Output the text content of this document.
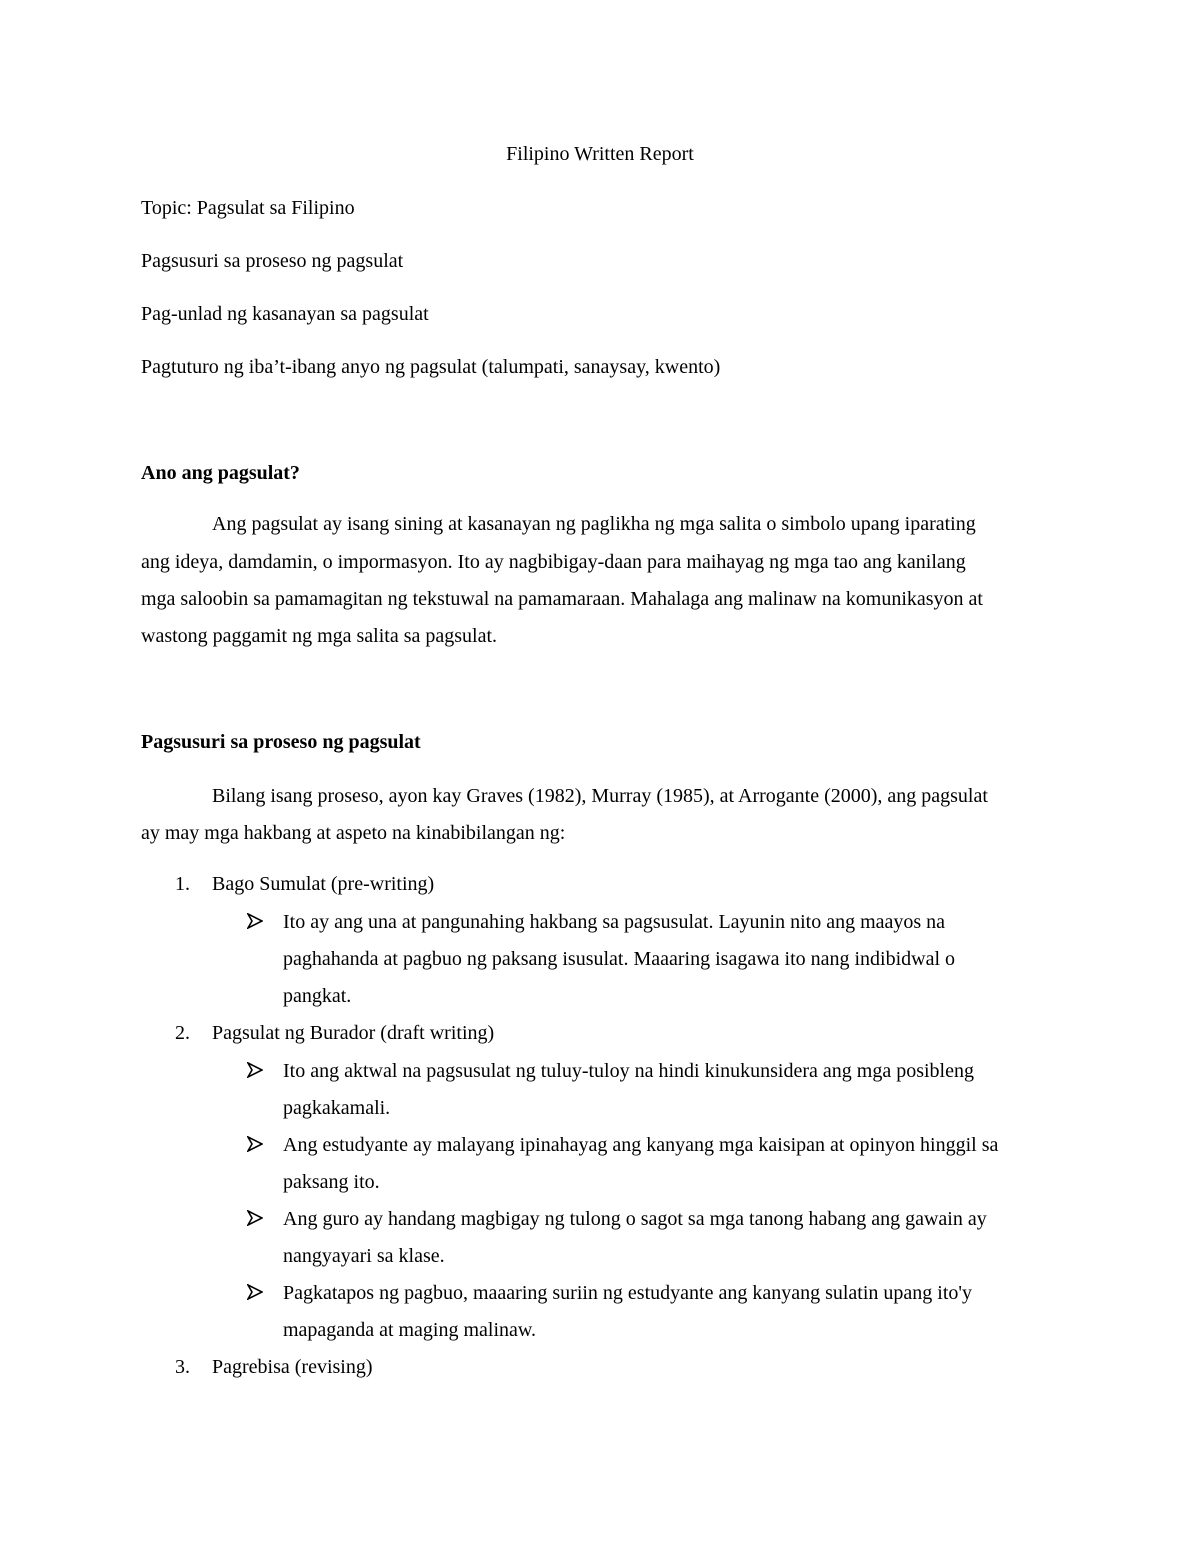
Filipino Written Report
Topic: Pagsulat sa Filipino
Pagsusuri sa proseso ng pagsulat
Pag-unlad ng kasanayan sa pagsulat
Pagtuturo ng iba’t-ibang anyo ng pagsulat (talumpati, sanaysay, kwento)
Ano ang pagsulat?
Ang pagsulat ay isang sining at kasanayan ng paglikha ng mga salita o simbolo upang iparating
ang ideya, damdamin, o impormasyon. Ito ay nagbibigay-daan para maihayag ng mga tao ang kanilang
mga saloobin sa pamamagitan ng tekstuwal na pamamaraan. Mahalaga ang malinaw na komunikasyon at
wastong paggamit ng mga salita sa pagsulat.
Pagsusuri sa proseso ng pagsulat
Bilang isang proseso, ayon kay Graves (1982), Murray (1985), at Arrogante (2000), ang pagsulat
ay may mga hakbang at aspeto na kinabibilangan ng:
1. Bago Sumulat (pre-writing)
Ito ay ang una at pangunahing hakbang sa pagsusulat. Layunin nito ang maayos na
paghahanda at pagbuo ng paksang isusulat. Maaaring isagawa ito nang indibidwal o
pangkat.
2. Pagsulat ng Burador (draft writing)
Ito ang aktwal na pagsusulat ng tuluy-tuloy na hindi kinukunsidera ang mga posibleng
pagkakamali.
Ang estudyante ay malayang ipinahayag ang kanyang mga kaisipan at opinyon hinggil sa
paksang ito.
Ang guro ay handang magbigay ng tulong o sagot sa mga tanong habang ang gawain ay
nangyayari sa klase.
Pagkatapos ng pagbuo, maaaring suriin ng estudyante ang kanyang sulatin upang ito'y
mapaganda at maging malinaw.
3. Pagrebisa (revising)
